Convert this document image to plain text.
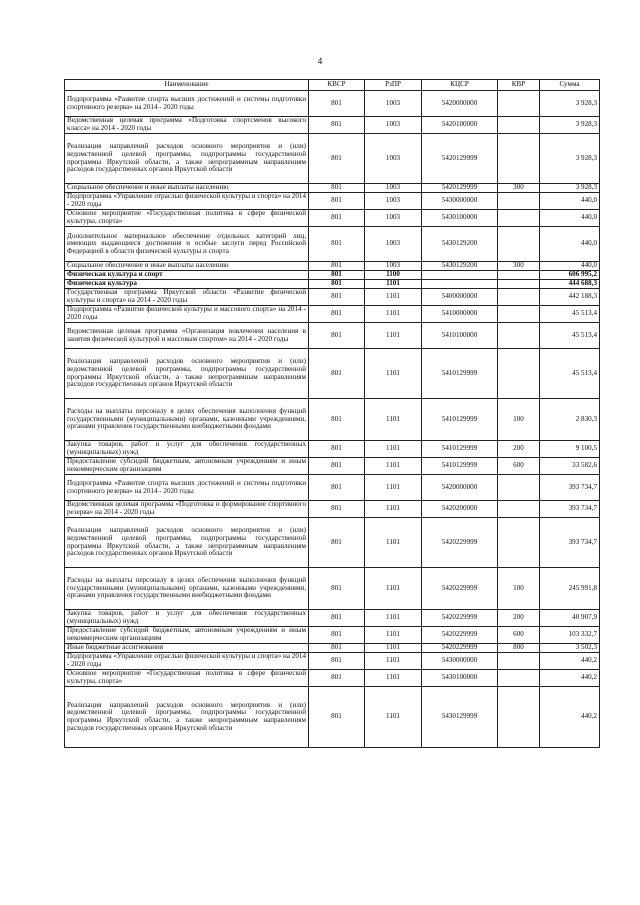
4
Наименование	КВСР	РзПР	КЦСР	КВР	Сумма
Подпрограмма «Развитие спорта высших достижений и системы подготовки спортивного резерва» на 2014 - 2020 годы	801	1003	5420000000		3 928,3
Ведомственная целевая программа «Подготовка спортсменов высокого класса» на 2014 - 2020 годы	801	1003	5420100000		3 928,3
Реализация направлений расходов основного мероприятия и (или) ведомственной целевой программы, подпрограммы государственной программы Иркутской области, а также непрограммным направлениям расходов государственных органов Иркутской области	801	1003	5420129999		3 928,3
Социальное обеспечение и иные выплаты населению	801	1003	5420129999	300	3 928,3
Подпрограмма «Управление отраслью физической культуры и спорта» на 2014 - 2020 годы	801	1003	5430000000		440,0
Основное мероприятие «Государственная политика в сфере физической культуры, спорта»	801	1003	5430100000		440,0
Дополнительное материальное обеспечение отдельных категорий лиц, имеющих выдающиеся достижения и особые заслуги перед Российской Федерацией в области физической культуры и спорта	801	1003	5430129200		440,0
Социальное обеспечение и иные выплаты населению	801	1003	5430129200	300	440,0
Физическая культура и спорт	801	1100			606 995,2
Физическая культура	801	1101			444 688,3
Государственная программа Иркутской области «Развитие физической культуры и спорта» на 2014 - 2020 годы	801	1101	5400000000		442 188,3
Подпрограмма «Развитие физической культуры и массового спорта» на 2014 - 2020 годы	801	1101	5410000000		45 513,4
Ведомственная целевая программа «Организация вовлечения населения в занятия физической культурой и массовым спортом» на 2014 - 2020 годы	801	1101	5410100000		45 513,4
Реализация направлений расходов основного мероприятия и (или) ведомственной целевой программы, подпрограммы государственной программы Иркутской области, а также непрограммным направлениям расходов государственных органов Иркутской области	801	1101	5410129999		45 513,4
Расходы на выплаты персоналу в целях обеспечения выполнения функций государственными (муниципальными) органами, казенными учреждениями, органами управления государственными внебюджетными фондами	801	1101	5410129999	100	2 830,3
Закупка товаров, работ и услуг для обеспечения государственных (муниципальных) нужд	801	1101	5410129999	200	9 100,5
Предоставление субсидий бюджетным, автономным учреждениям и иным некоммерческим организациям	801	1101	5410129999	600	33 582,6
Подпрограмма «Развитие спорта высших достижений и системы подготовки спортивного резерва» на 2014 - 2020 годы	801	1101	5420000000		393 734,7
Ведомственная целевая программа «Подготовка и формирование спортивного резерва» на 2014 - 2020 годы	801	1101	5420200000		393 734,7
Реализация направлений расходов основного мероприятия и (или) ведомственной целевой программы, подпрограммы государственной программы Иркутской области, а также непрограммным направлениям расходов государственных органов Иркутской области	801	1101	5420229999		393 734,7
Расходы на выплаты персоналу в целях обеспечения выполнения функций государственными (муниципальными) органами, казенными учреждениями, органами управления государственными внебюджетными фондами	801	1101	5420229999	100	245 991,8
Закупка товаров, работ и услуг для обеспечения государственных (муниципальных) нужд	801	1101	5420229999	200	40 907,9
Предоставление субсидий бюджетным, автономным учреждениям и иным некоммерческим организациям	801	1101	5420229999	600	103 332,7
Иные бюджетные ассигнования	801	1101	5420229999	800	3 502,3
Подпрограмма «Управление отраслью физической культуры и спорта» на 2014 - 2020 годы	801	1101	5430000000		440,2
Основное мероприятие «Государственная политика в сфере физической культуры, спорта»	801	1101	5430100000		440,2
Реализация направлений расходов основного мероприятия и (или) ведомственной целевой программы, подпрограммы государственной программы Иркутской области, а также непрограммным направлениям расходов государственных органов Иркутской области	801	1101	5430129999		440,2
